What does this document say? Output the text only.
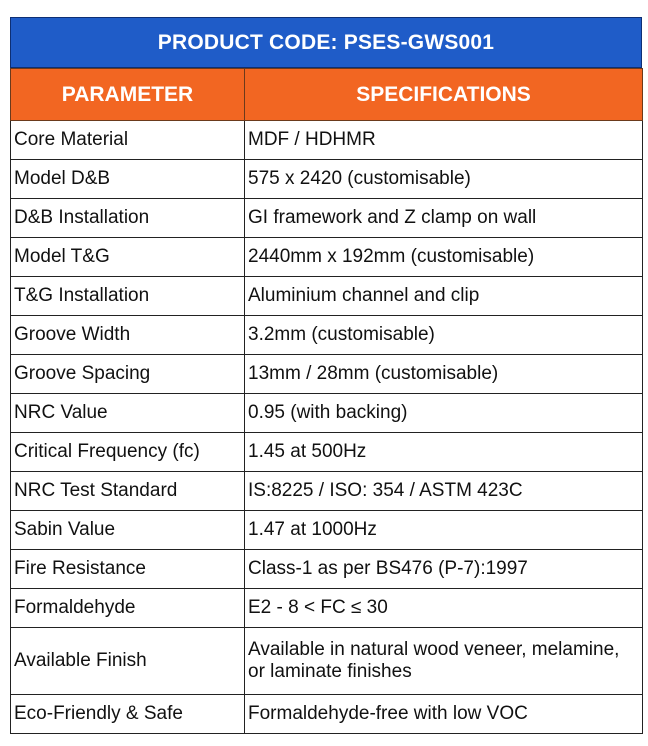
PRODUCT CODE: PSES-GWS001
PARAMETER	SPECIFICATIONS
Core Material	MDF / HDHMR
Model D&B	575 x 2420 (customisable)
D&B Installation	GI framework and Z clamp on wall
Model T&G	2440mm x 192mm (customisable)
T&G Installation	Aluminium channel and clip
Groove Width	3.2mm (customisable)
Groove Spacing	13mm / 28mm (customisable)
NRC Value	0.95 (with backing)
Critical Frequency (fc)	1.45 at 500Hz
NRC Test Standard	IS:8225 / ISO: 354 / ASTM 423C
Sabin Value	1.47 at 1000Hz
Fire Resistance	Class-1 as per BS476 (P-7):1997
Formaldehyde	E2 - 8 < FC ≤ 30
Available Finish	Available in natural wood veneer, melamine, or laminate finishes
Eco-Friendly & Safe	Formaldehyde-free with low VOC
